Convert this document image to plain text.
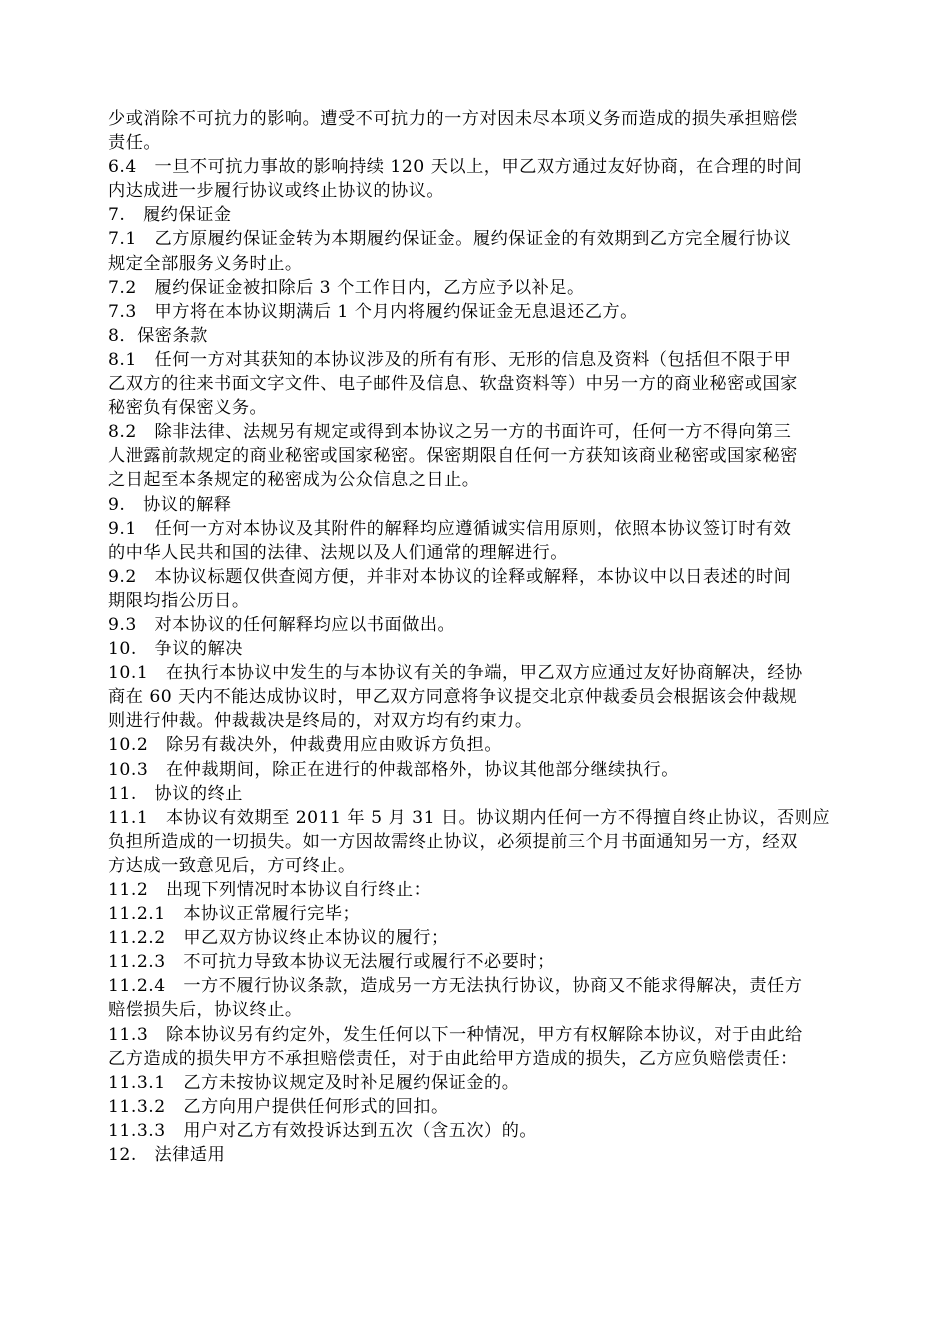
少或消除不可抗力的影响。遭受不可抗力的一方对因未尽本项义务而造成的损失承担赔偿
责任。
6.4　一旦不可抗力事故的影响持续 120 天以上，甲乙双方通过友好协商，在合理的时间
内达成进一步履行协议或终止协议的协议。
7.　履约保证金
7.1　乙方原履约保证金转为本期履约保证金。履约保证金的有效期到乙方完全履行协议
规定全部服务义务时止。
7.2　履约保证金被扣除后 3 个工作日内，乙方应予以补足。
7.3　甲方将在本协议期满后 1 个月内将履约保证金无息退还乙方。
8．保密条款
8.1　任何一方对其获知的本协议涉及的所有有形、无形的信息及资料（包括但不限于甲
乙双方的往来书面文字文件、电子邮件及信息、软盘资料等）中另一方的商业秘密或国家
秘密负有保密义务。
8.2　除非法律、法规另有规定或得到本协议之另一方的书面许可，任何一方不得向第三
人泄露前款规定的商业秘密或国家秘密。保密期限自任何一方获知该商业秘密或国家秘密
之日起至本条规定的秘密成为公众信息之日止。
9.　协议的解释
9.1　任何一方对本协议及其附件的解释均应遵循诚实信用原则，依照本协议签订时有效
的中华人民共和国的法律、法规以及人们通常的理解进行。
9.2　本协议标题仅供查阅方便，并非对本协议的诠释或解释，本协议中以日表述的时间
期限均指公历日。
9.3　对本协议的任何解释均应以书面做出。
10.　争议的解决
10.1　在执行本协议中发生的与本协议有关的争端，甲乙双方应通过友好协商解决，经协
商在 60 天内不能达成协议时，甲乙双方同意将争议提交北京仲裁委员会根据该会仲裁规
则进行仲裁。仲裁裁决是终局的，对双方均有约束力。
10.2　除另有裁决外，仲裁费用应由败诉方负担。
10.3　在仲裁期间，除正在进行的仲裁部格外，协议其他部分继续执行。
11.　协议的终止
11.1　本协议有效期至 2011 年 5 月 31 日。协议期内任何一方不得擅自终止协议，否则应
负担所造成的一切损失。如一方因故需终止协议，必须提前三个月书面通知另一方，经双
方达成一致意见后，方可终止。
11.2　出现下列情况时本协议自行终止：
11.2.1　本协议正常履行完毕；
11.2.2　甲乙双方协议终止本协议的履行；
11.2.3　不可抗力导致本协议无法履行或履行不必要时；
11.2.4　一方不履行协议条款，造成另一方无法执行协议，协商又不能求得解决，责任方
赔偿损失后，协议终止。
11.3　除本协议另有约定外，发生任何以下一种情况，甲方有权解除本协议，对于由此给
乙方造成的损失甲方不承担赔偿责任，对于由此给甲方造成的损失，乙方应负赔偿责任：
11.3.1　乙方未按协议规定及时补足履约保证金的。
11.3.2　乙方向用户提供任何形式的回扣。
11.3.3　用户对乙方有效投诉达到五次（含五次）的。
12.　法律适用
